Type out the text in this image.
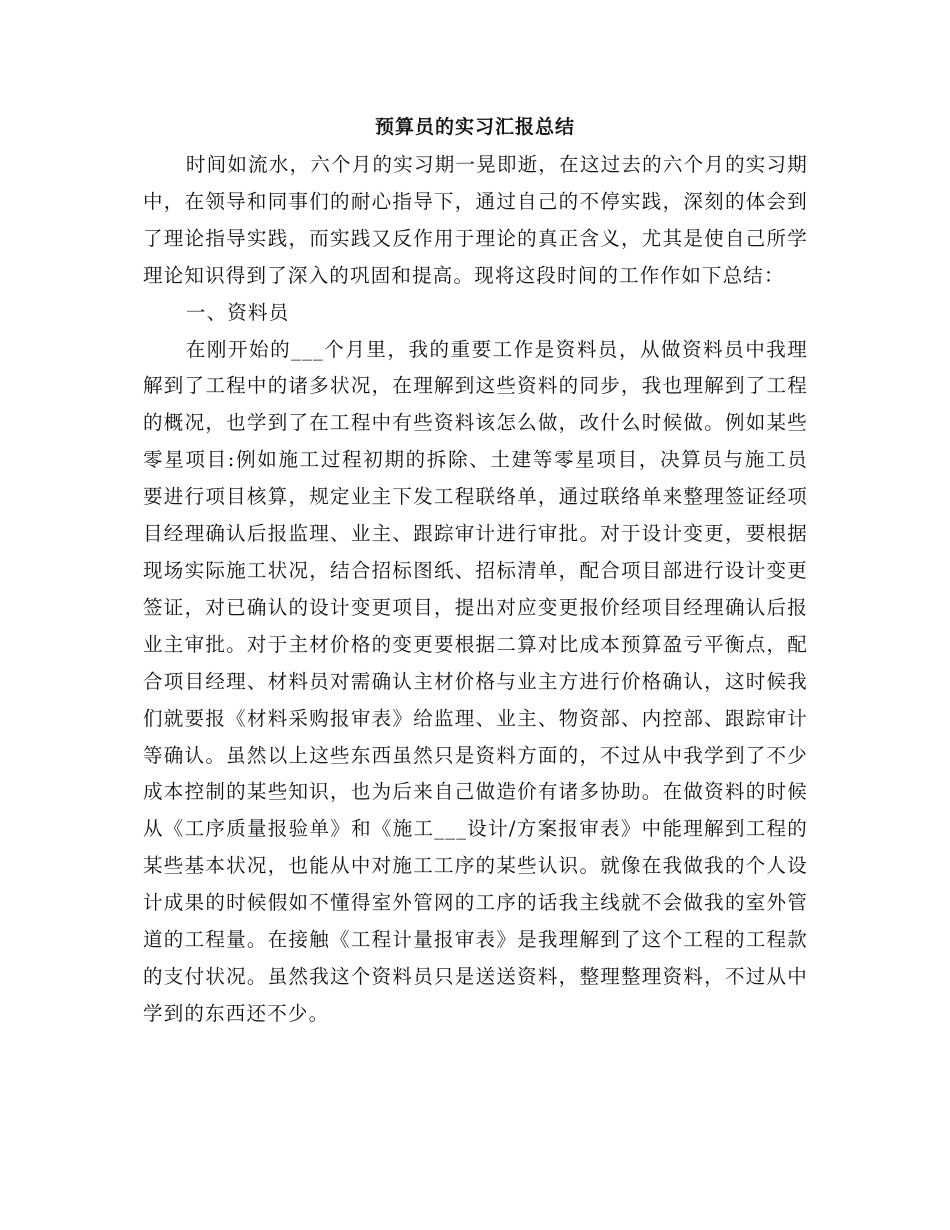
预算员的实习汇报总结

时间如流水，六个月的实习期一晃即逝，在这过去的六个月的实习期中，在领导和同事们的耐心指导下，通过自己的不停实践，深刻的体会到了理论指导实践，而实践又反作用于理论的真正含义，尤其是使自己所学理论知识得到了深入的巩固和提高。现将这段时间的工作作如下总结：

一、资料员

在刚开始的___个月里，我的重要工作是资料员，从做资料员中我理解到了工程中的诸多状况，在理解到这些资料的同步，我也理解到了工程的概况，也学到了在工程中有些资料该怎么做，改什么时候做。例如某些零星项目:例如施工过程初期的拆除、土建等零星项目，决算员与施工员要进行项目核算，规定业主下发工程联络单，通过联络单来整理签证经项目经理确认后报监理、业主、跟踪审计进行审批。对于设计变更，要根据现场实际施工状况，结合招标图纸、招标清单，配合项目部进行设计变更签证，对已确认的设计变更项目，提出对应变更报价经项目经理确认后报业主审批。对于主材价格的变更要根据二算对比成本预算盈亏平衡点，配合项目经理、材料员对需确认主材价格与业主方进行价格确认，这时候我们就要报《材料采购报审表》给监理、业主、物资部、内控部、跟踪审计等确认。虽然以上这些东西虽然只是资料方面的，不过从中我学到了不少成本控制的某些知识，也为后来自己做造价有诸多协助。在做资料的时候从《工序质量报验单》和《施工___设计/方案报审表》中能理解到工程的某些基本状况，也能从中对施工工序的某些认识。就像在我做我的个人设计成果的时候假如不懂得室外管网的工序的话我主线就不会做我的室外管道的工程量。在接触《工程计量报审表》是我理解到了这个工程的工程款的支付状况。虽然我这个资料员只是送送资料，整理整理资料，不过从中学到的东西还不少。
